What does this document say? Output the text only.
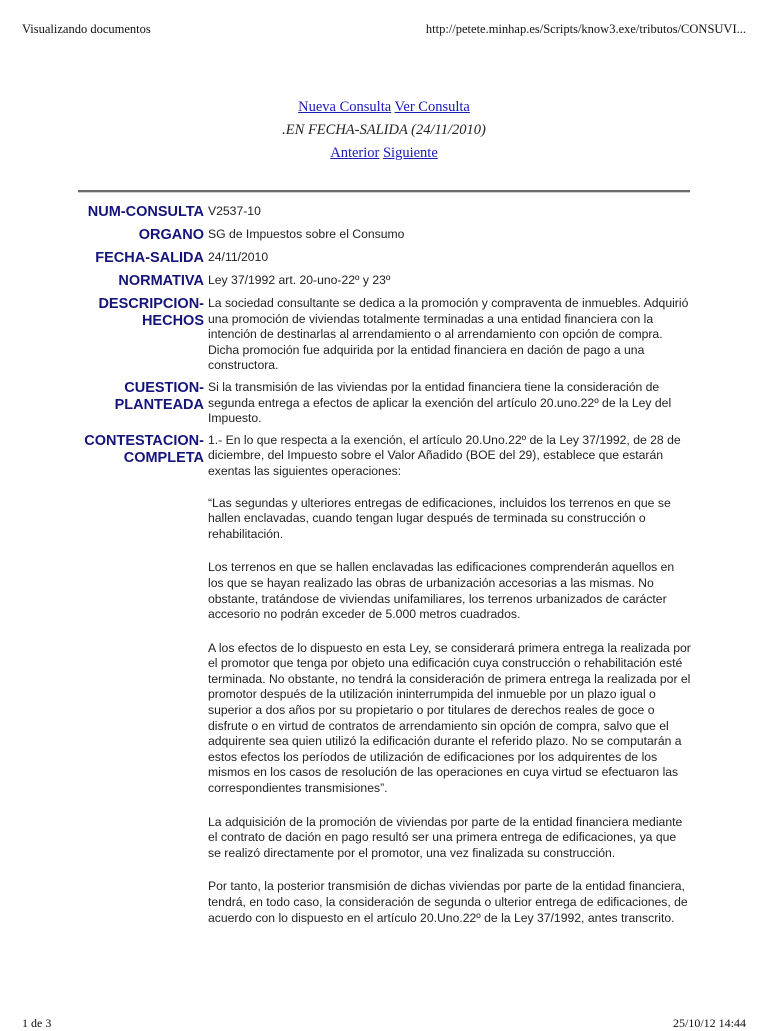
Visualizando documentos	http://petete.minhap.es/Scripts/know3.exe/tributos/CONSUVI...
Nueva Consulta Ver Consulta
.EN FECHA-SALIDA (24/11/2010)
Anterior Siguiente
NUM-CONSULTA V2537-10
ORGANO SG de Impuestos sobre el Consumo
FECHA-SALIDA 24/11/2010
NORMATIVA Ley 37/1992 art. 20-uno-22º y 23º
DESCRIPCION-
HECHOS
La sociedad consultante se dedica a la promoción y compraventa de inmuebles. Adquirió una promoción de viviendas totalmente terminadas a una entidad financiera con la intención de destinarlas al arrendamiento o al arrendamiento con opción de compra. Dicha promoción fue adquirida por la entidad financiera en dación de pago a una constructora.
CUESTION-
PLANTEADA
Si la transmisión de las viviendas por la entidad financiera tiene la consideración de segunda entrega a efectos de aplicar la exención del artículo 20.uno.22º de la Ley del Impuesto.
CONTESTACION-
COMPLETA

1.- En lo que respecta a la exención, el artículo 20.Uno.22º de la Ley 37/1992, de 28 de diciembre, del Impuesto sobre el Valor Añadido (BOE del 29), establece que estarán exentas las siguientes operaciones:

“Las segundas y ulteriores entregas de edificaciones, incluidos los terrenos en que se hallen enclavadas, cuando tengan lugar después de terminada su construcción o rehabilitación.

Los terrenos en que se hallen enclavadas las edificaciones comprenderán aquellos en los que se hayan realizado las obras de urbanización accesorias a las mismas. No obstante, tratándose de viviendas unifamiliares, los terrenos urbanizados de carácter accesorio no podrán exceder de 5.000 metros cuadrados.

A los efectos de lo dispuesto en esta Ley, se considerará primera entrega la realizada por el promotor que tenga por objeto una edificación cuya construcción o rehabilitación esté terminada. No obstante, no tendrá la consideración de primera entrega la realizada por el promotor después de la utilización ininterrumpida del inmueble por un plazo igual o superior a dos años por su propietario o por titulares de derechos reales de goce o disfrute o en virtud de contratos de arrendamiento sin opción de compra, salvo que el adquirente sea quien utilizó la edificación durante el referido plazo. No se computarán a estos efectos los períodos de utilización de edificaciones por los adquirentes de los mismos en los casos de resolución de las operaciones en cuya virtud se efectuaron las correspondientes transmisiones”.

La adquisición de la promoción de viviendas por parte de la entidad financiera mediante el contrato de dación en pago resultó ser una primera entrega de edificaciones, ya que se realizó directamente por el promotor, una vez finalizada su construcción.

Por tanto, la posterior transmisión de dichas viviendas por parte de la entidad financiera, tendrá, en todo caso, la consideración de segunda o ulterior entrega de edificaciones, de acuerdo con lo dispuesto en el artículo 20.Uno.22º de la Ley 37/1992, antes transcrito.

1 de 3	25/10/12 14:44
